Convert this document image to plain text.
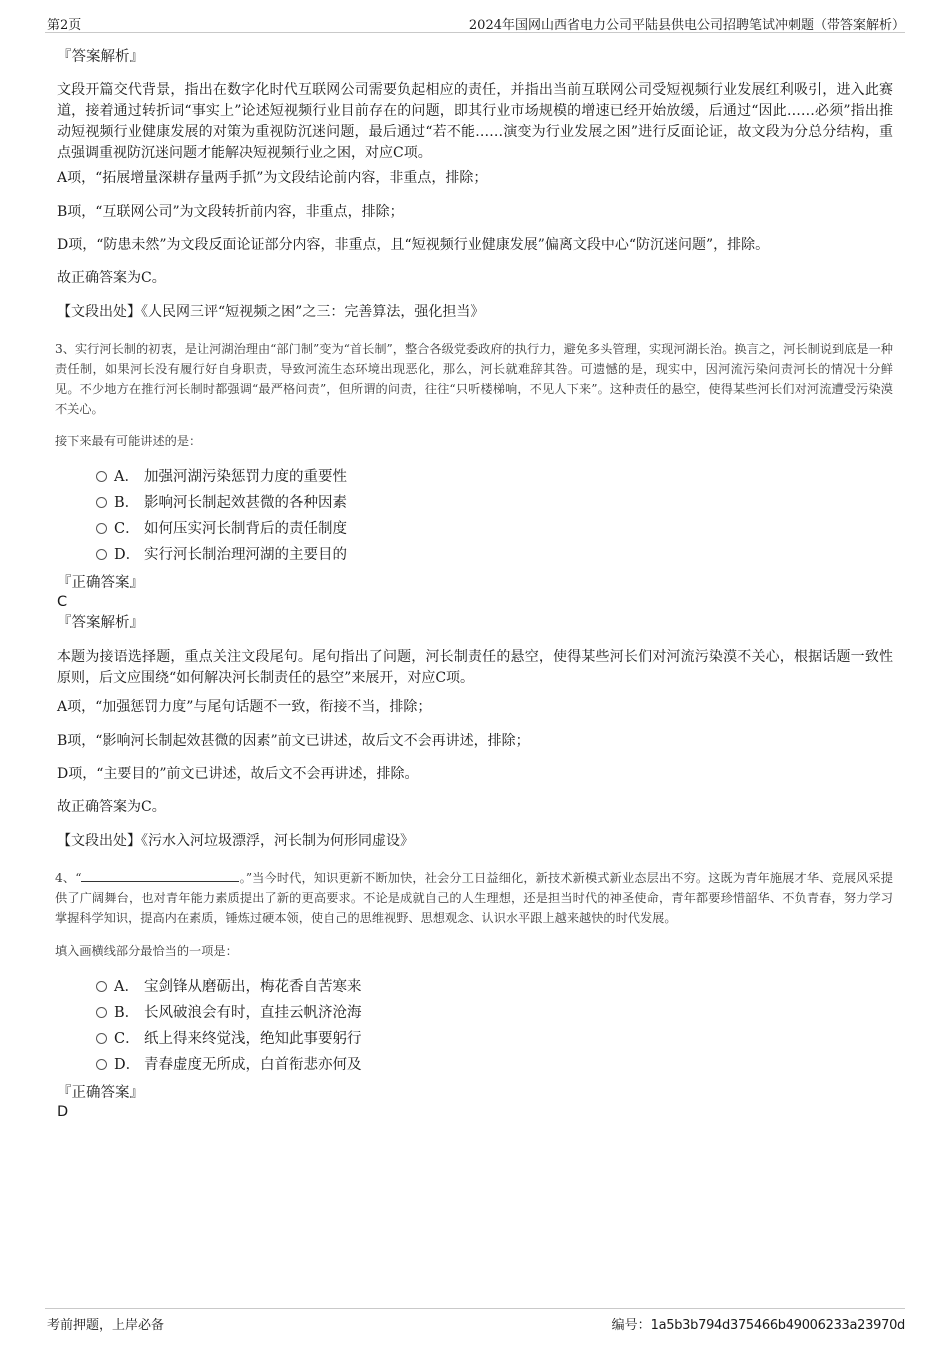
第2页	2024年国网山西省电力公司平陆县供电公司招聘笔试冲刺题（带答案解析）
『答案解析』
文段开篇交代背景，指出在数字化时代互联网公司需要负起相应的责任，并指出当前互联网公司受短视频行业发展红利吸引，进入此赛道，接着通过转折词“事实上”论述短视频行业目前存在的问题，即其行业市场规模的增速已经开始放缓，后通过“因此……必须”指出推动短视频行业健康发展的对策为重视防沉迷问题，最后通过“若不能……演变为行业发展之困”进行反面论证，故文段为分总分结构，重点强调重视防沉迷问题才能解决短视频行业之困，对应C项。
A项，“拓展增量深耕存量两手抓”为文段结论前内容，非重点，排除；
B项，“互联网公司”为文段转折前内容，非重点，排除；
D项，“防患未然”为文段反面论证部分内容，非重点，且“短视频行业健康发展”偏离文段中心“防沉迷问题”，排除。
故正确答案为C。
【文段出处】《人民网三评“短视频之困”之三：完善算法，强化担当》
3、实行河长制的初衷，是让河湖治理由“部门制”变为“首长制”，整合各级党委政府的执行力，避免多头管理，实现河湖长治。换言之，河长制说到底是一种责任制，如果河长没有履行好自身职责，导致河流生态环境出现恶化，那么，河长就难辞其咎。可遗憾的是，现实中，因河流污染问责河长的情况十分鲜见。不少地方在推行河长制时都强调“最严格问责”，但所谓的问责，往往“只听楼梯响，不见人下来”。这种责任的悬空，使得某些河长们对河流遭受污染漠不关心。
接下来最有可能讲述的是：
A． 加强河湖污染惩罚力度的重要性
B． 影响河长制起效甚微的各种因素
C． 如何压实河长制背后的责任制度
D． 实行河长制治理河湖的主要目的
『正确答案』
C
『答案解析』
本题为接语选择题，重点关注文段尾句。尾句指出了问题，河长制责任的悬空，使得某些河长们对河流污染漠不关心，根据话题一致性原则，后文应围绕“如何解决河长制责任的悬空”来展开，对应C项。
A项，“加强惩罚力度”与尾句话题不一致，衔接不当，排除；
B项，“影响河长制起效甚微的因素”前文已讲述，故后文不会再讲述，排除；
D项，“主要目的”前文已讲述，故后文不会再讲述，排除。
故正确答案为C。
【文段出处】《污水入河垃圾漂浮，河长制为何形同虚设》
4、“	。”当今时代，知识更新不断加快，社会分工日益细化，新技术新模式新业态层出不穷。这既为青年施展才华、竞展风采提供了广阔舞台，也对青年能力素质提出了新的更高要求。不论是成就自己的人生理想，还是担当时代的神圣使命，青年都要珍惜韶华、不负青春，努力学习掌握科学知识，提高内在素质，锤炼过硬本领，使自己的思维视野、思想观念、认识水平跟上越来越快的时代发展。
填入画横线部分最恰当的一项是：
A． 宝剑锋从磨砺出，梅花香自苦寒来
B． 长风破浪会有时，直挂云帆济沧海
C． 纸上得来终觉浅，绝知此事要躬行
D． 青春虚度无所成，白首衔悲亦何及
『正确答案』
D
考前押题，上岸必备	编号：1a5b3b794d375466b49006233a23970d
